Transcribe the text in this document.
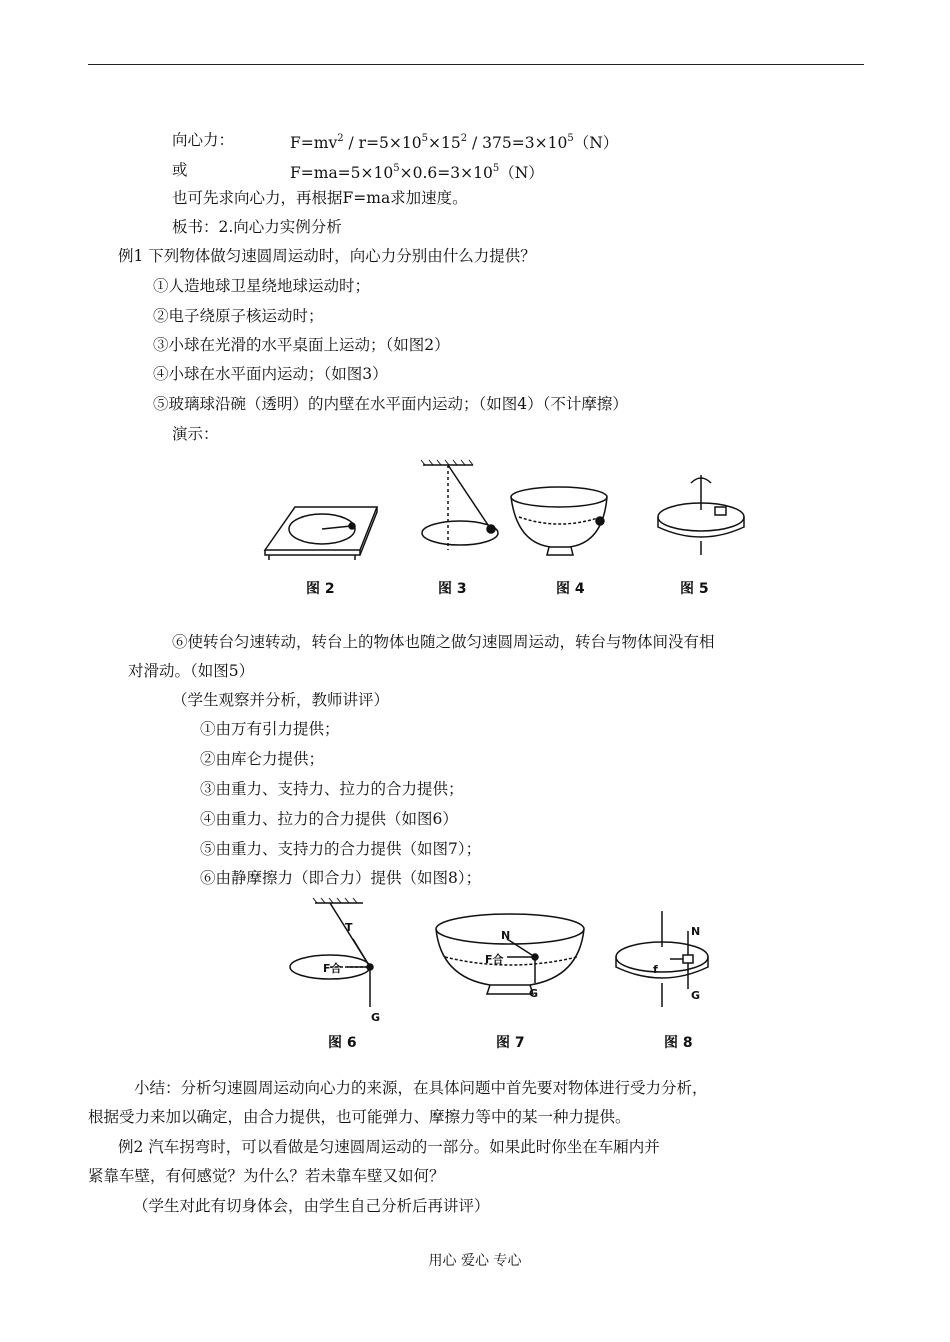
向心力：	$F=mv^2 / r=5\times 10^5\times 15^2 / 375=3\times 10^5(N)$
或	$F=ma=5\times 10^5\times 0.6=3\times 10^5(N)$
也可先求向心力，再根据F=ma求加速度。
板书：2.向心力实例分析
例1 下列物体做匀速圆周运动时，向心力分别由什么力提供？
①人造地球卫星绕地球运动时；
②电子绕原子核运动时；
③小球在光滑的水平桌面上运动；（如图2）
④小球在水平面内运动；（如图3）
⑤玻璃球沿碗（透明）的内壁在水平面内运动；（如图4）（不计摩擦）
演示：
图 2	图 3	图 4	图 5
⑥使转台匀速转动，转台上的物体也随之做匀速圆周运动，转台与物体间没有相
对滑动。（如图5）
（学生观察并分析，教师讲评）
①由万有引力提供；
②由库仑力提供；
③由重力、支持力、拉力的合力提供；
④由重力、拉力的合力提供（如图6）
⑤由重力、支持力的合力提供（如图7）；
⑥由静摩擦力（即合力）提供（如图8）；
T
F合
G
N
F合
G
N
f
G
图 6	图 7	图 8
小结：分析匀速圆周运动向心力的来源，在具体问题中首先要对物体进行受力分析，
根据受力来加以确定，由合力提供，也可能弹力、摩擦力等中的某一种力提供。
例2 汽车拐弯时，可以看做是匀速圆周运动的一部分。如果此时你坐在车厢内并
紧靠车壁，有何感觉？为什么？若未靠车壁又如何？
（学生对此有切身体会，由学生自己分析后再讲评）
用心 爱心 专心
